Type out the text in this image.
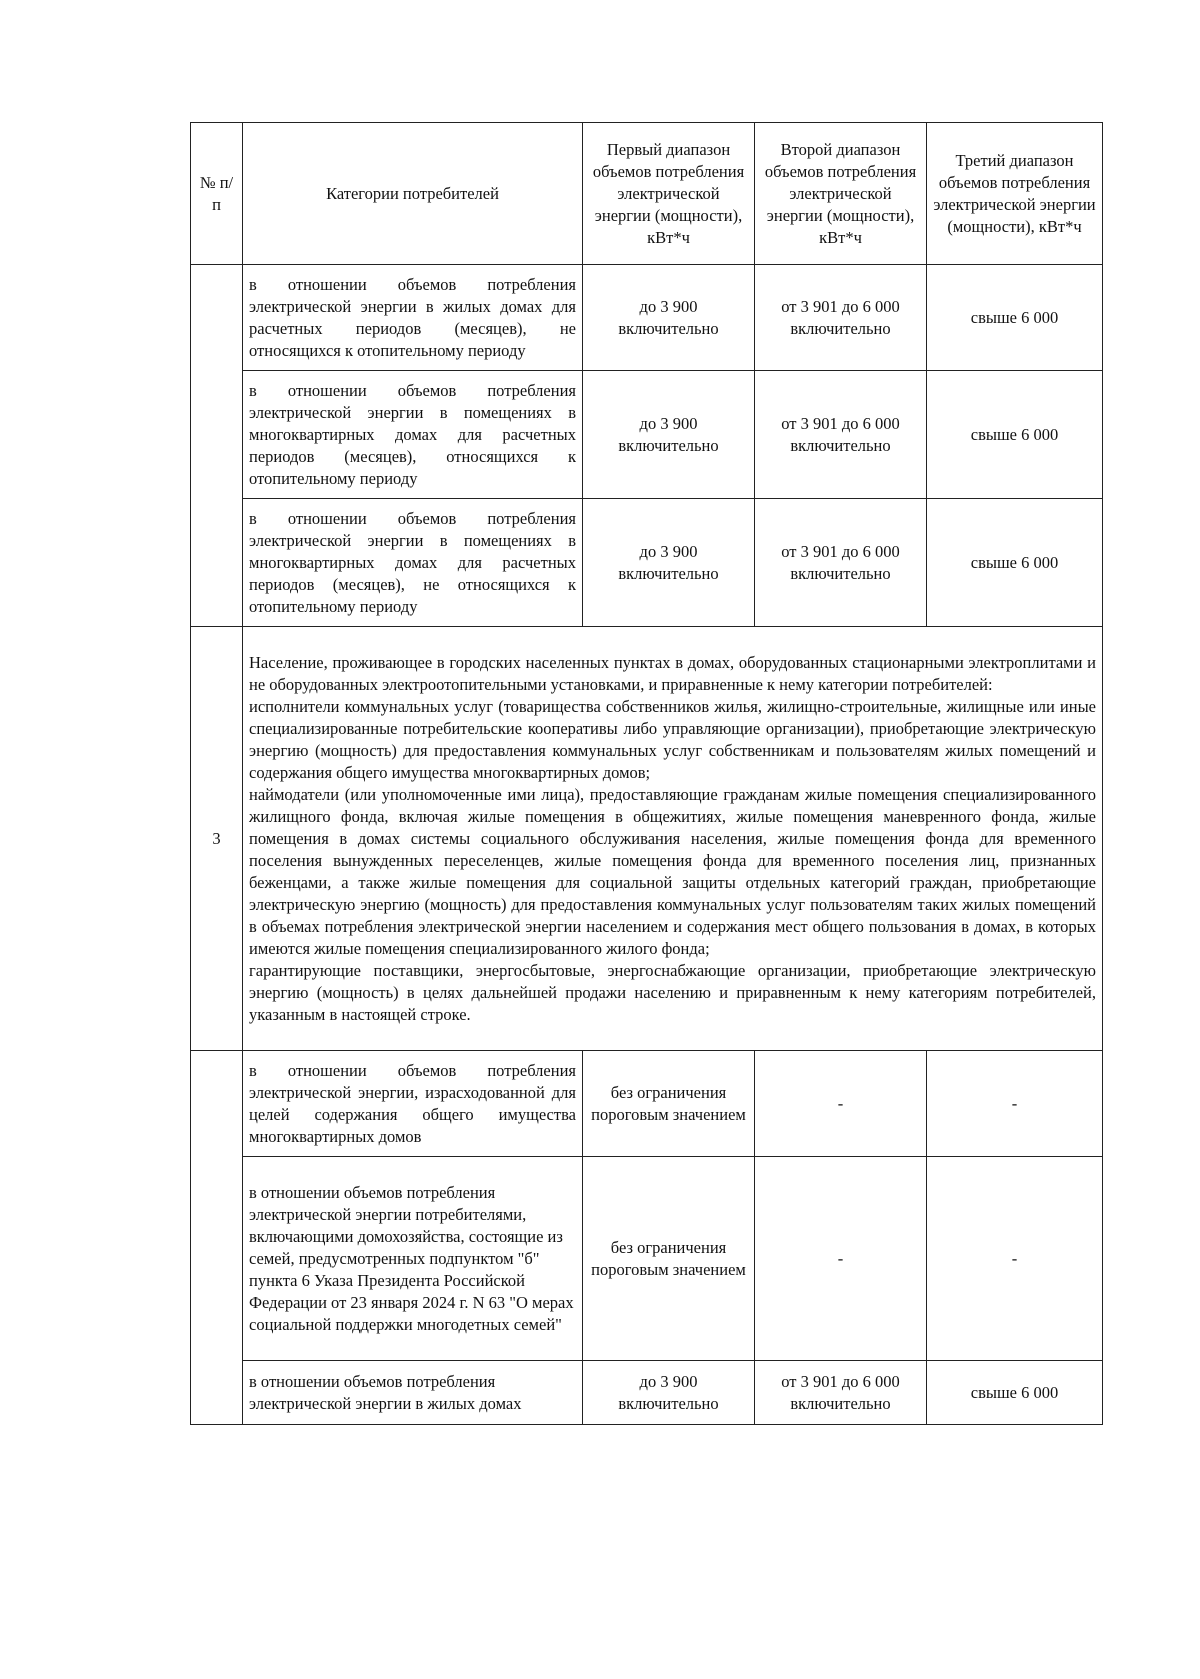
№ п/п	Категории потребителей	Первый диапазон объемов потребления электрической энергии (мощности), кВт*ч	Второй диапазон объемов потребления электрической энергии (мощности), кВт*ч	Третий диапазон объемов потребления электрической энергии (мощности), кВт*ч
	в отношении объемов потребления электрической энергии в жилых домах для расчетных периодов (месяцев), не относящихся к отопительному периоду	до 3 900 включительно	от 3 901 до 6 000 включительно	свыше 6 000
	в отношении объемов потребления электрической энергии в помещениях в многоквартирных домах для расчетных периодов (месяцев), относящихся к отопительному периоду	до 3 900 включительно	от 3 901 до 6 000 включительно	свыше 6 000
	в отношении объемов потребления электрической энергии в помещениях в многоквартирных домах для расчетных периодов (месяцев), не относящихся к отопительному периоду	до 3 900 включительно	от 3 901 до 6 000 включительно	свыше 6 000
3	Население, проживающее в городских населенных пунктах в домах, оборудованных стационарными электроплитами и не оборудованных электроотопительными установками, и приравненные к нему категории потребителей:

исполнители коммунальных услуг (товарищества собственников жилья, жилищно-строительные, жилищные или иные специализированные потребительские кооперативы либо управляющие организации), приобретающие электрическую энергию (мощность) для предоставления коммунальных услуг собственникам и пользователям жилых помещений и содержания общего имущества многоквартирных домов;

наймодатели (или уполномоченные ими лица), предоставляющие гражданам жилые помещения специализированного жилищного фонда, включая жилые помещения в общежитиях, жилые помещения маневренного фонда, жилые помещения в домах системы социального обслуживания населения, жилые помещения фонда для временного поселения вынужденных переселенцев, жилые помещения фонда для временного поселения лиц, признанных беженцами, а также жилые помещения для социальной защиты отдельных категорий граждан, приобретающие электрическую энергию (мощность) для предоставления коммунальных услуг пользователям таких жилых помещений в объемах потребления электрической энергии населением и содержания мест общего пользования в домах, в которых имеются жилые помещения специализированного жилого фонда;

гарантирующие поставщики, энергосбытовые, энергоснабжающие организации, приобретающие электрическую энергию (мощность) в целях дальнейшей продажи населению и приравненным к нему категориям потребителей, указанным в настоящей строке.			

	в отношении объемов потребления электрической энергии, израсходованной для целей содержания общего имущества многоквартирных домов	без ограничения пороговым значением	-	-
	в отношении объемов потребления электрической энергии потребителями, включающими домохозяйства, состоящие из семей, предусмотренных подпунктом "б" пункта 6 Указа Президента Российской Федерации от 23 января 2024 г. N 63 "О мерах социальной поддержки многодетных семей"	без ограничения пороговым значением	-	-
	в отношении объемов потребления электрической энергии в жилых домах	до 3 900 включительно	от 3 901 до 6 000 включительно	свыше 6 000
